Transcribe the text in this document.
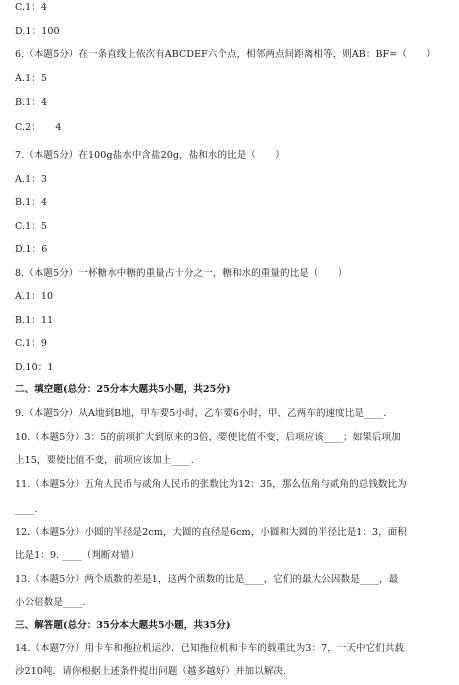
C.1：4
D.1：100
6.（本题5分）在一条直线上依次有ABCDEF六个点，相邻两点间距离相等，则AB：BF=（　　）
A.1：5
B.1：4
C.2：　　4
7.（本题5分）在100g盐水中含盐20g，盐和水的比是（　　）
A.1：3
B.1：4
C.1：5
D.1：6
8.（本题5分）一杯糖水中糖的重量占十分之一，糖和水的重量的比是（　　）
A.1：10
B.1：11
C.1：9
D.10：1
二、填空题(总分：25分本大题共5小题，共25分)
9.（本题5分）从A地到B地，甲车要5小时，乙车要6小时，甲、乙两车的速度比是____.
10.（本题5分）3：5的前项扩大到原来的3倍，要使比值不变，后项应该____；如果后项加
上15，要使比值不变，前项应该加上____.
11.（本题5分）五角人民币与贰角人民币的张数比为12：35，那么伍角与贰角的总钱数比为
____.
12.（本题5分）小圆的半径是2cm，大圆的直径是6cm，小圆和大圆的半径比是1：3，面积
比是1：9. ____（判断对错）
13.（本题5分）两个质数的差是1，这两个质数的比是____，它们的最大公因数是____，最
小公倍数是____.
三、解答题(总分：35分本大题共5小题，共35分)
14.（本题7分）用卡车和拖拉机运沙．已知拖拉机和卡车的载重比为3：7，一天中它们共载
沙210吨．请你根据上述条件提出问题（越多越好）并加以解决.
